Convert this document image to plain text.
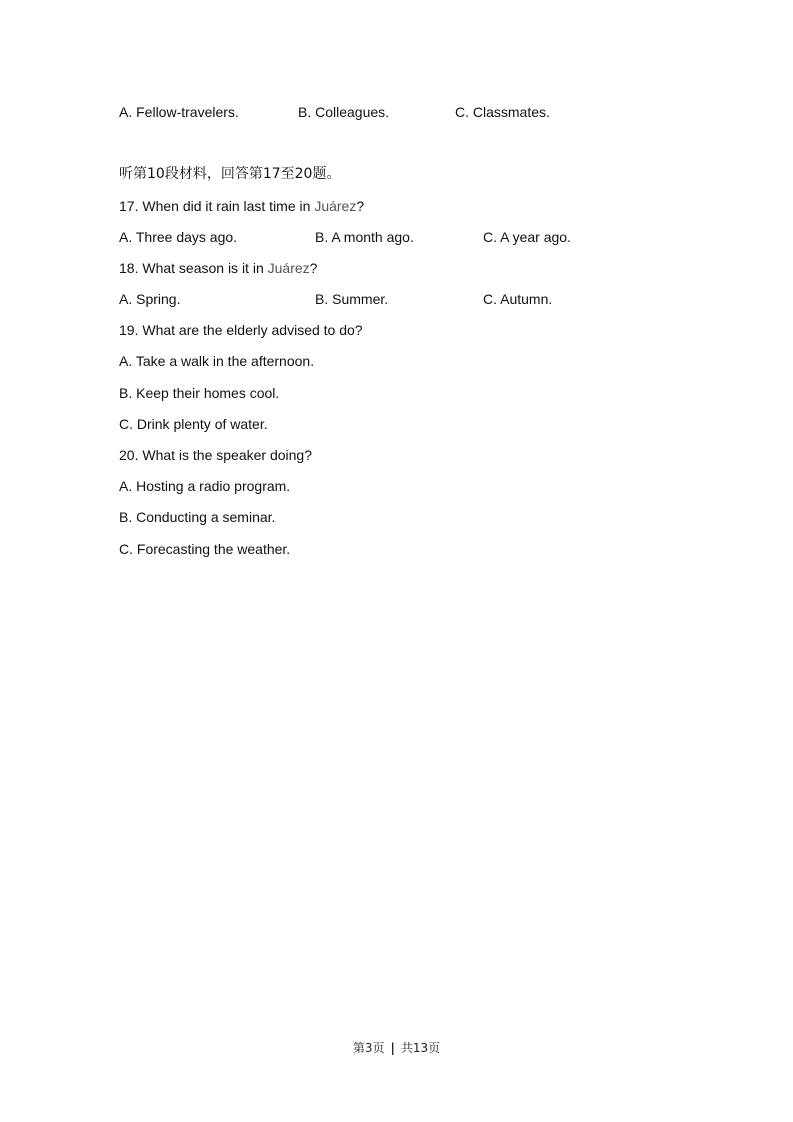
A. Fellow-travelers.	B. Colleagues.	C. Classmates.
听第10段材料，回答第17至20题。
17. When did it rain last time in Juárez?
A. Three days ago.	B. A month ago.	C. A year ago.
18. What season is it in Juárez?
A. Spring.	B. Summer.	C. Autumn.
19. What are the elderly advised to do?
A. Take a walk in the afternoon.
B. Keep their homes cool.
C. Drink plenty of water.
20. What is the speaker doing?
A. Hosting a radio program.
B. Conducting a seminar.
C. Forecasting the weather.
第3页 | 共13页
